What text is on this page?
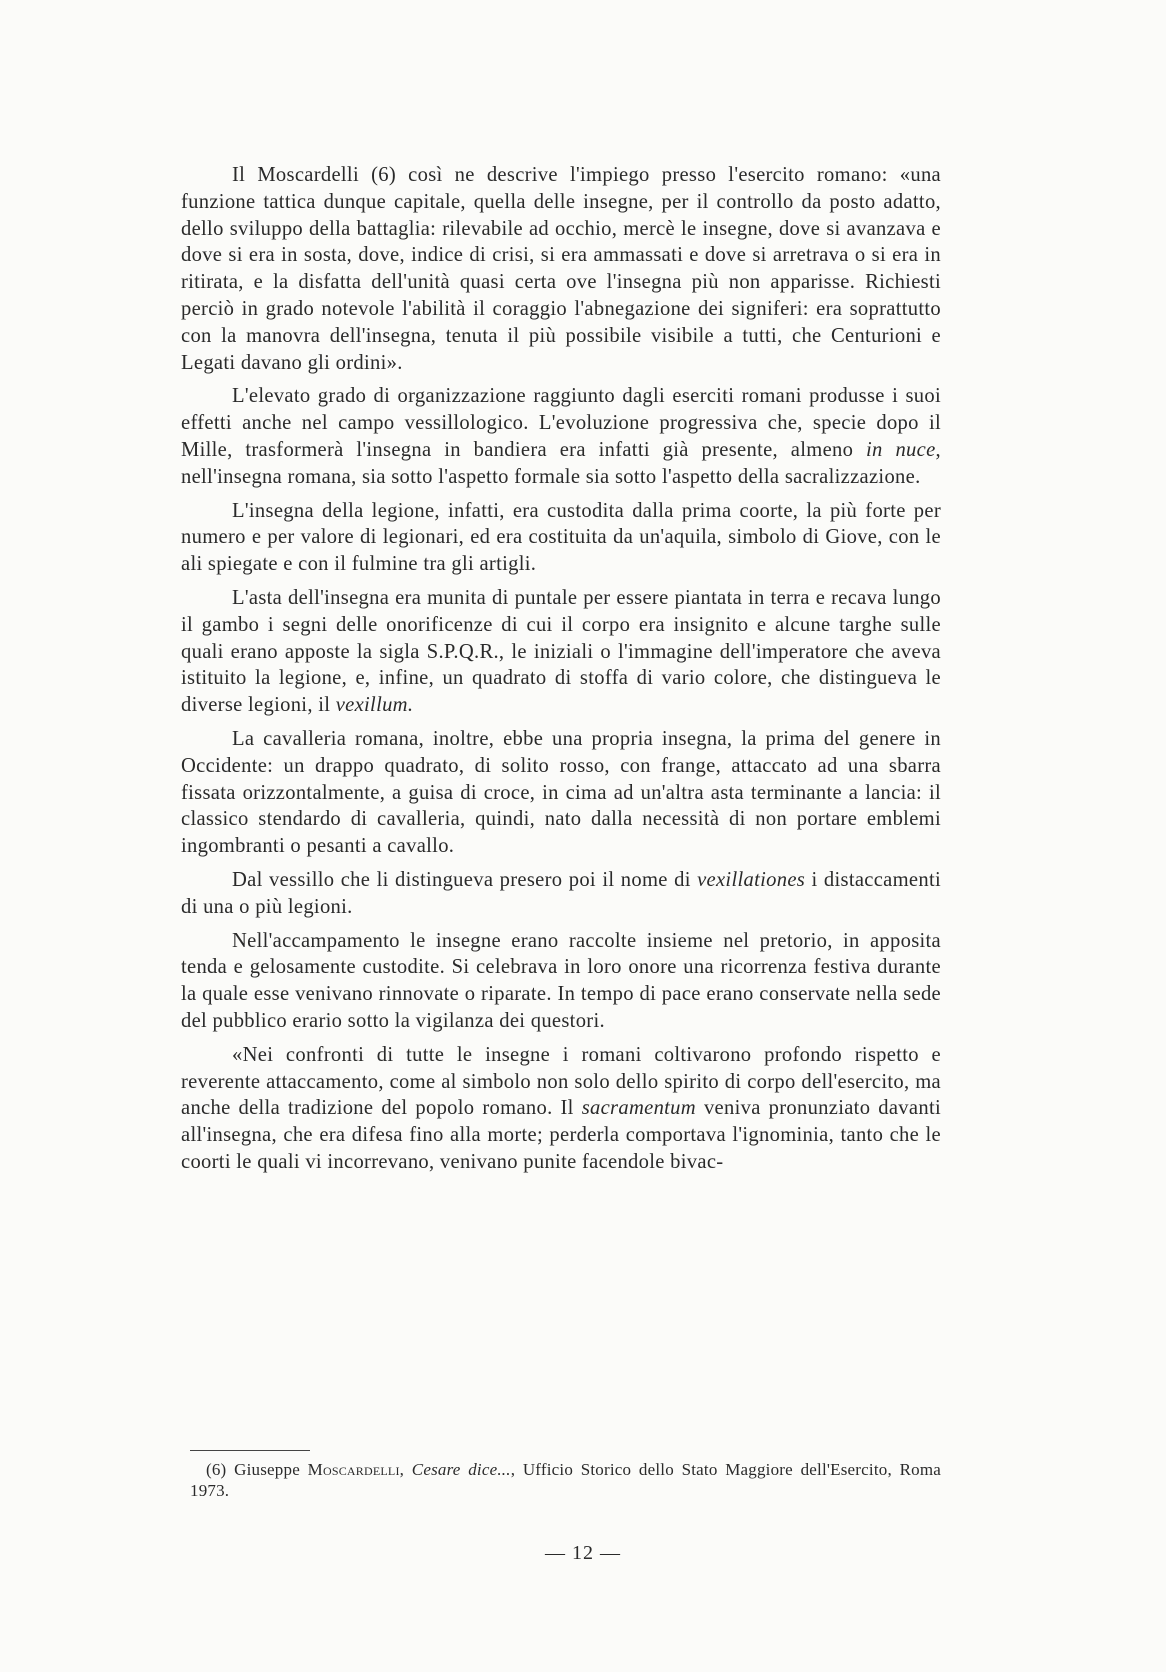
Il Moscardelli (6) così ne descrive l'impiego presso l'esercito romano: «una funzione tattica dunque capitale, quella delle insegne, per il controllo da posto adatto, dello sviluppo della battaglia: rilevabile ad occhio, mercè le insegne, dove si avanzava e dove si era in sosta, dove, indice di crisi, si era ammassati e dove si arretrava o si era in ritirata, e la disfatta dell'unità quasi certa ove l'insegna più non apparisse. Richiesti perciò in grado notevole l'abilità il coraggio l'abnegazione dei signiferi: era soprattutto con la manovra dell'insegna, tenuta il più possibile visibile a tutti, che Centurioni e Legati davano gli ordini».

L'elevato grado di organizzazione raggiunto dagli eserciti romani produsse i suoi effetti anche nel campo vessillologico. L'evoluzione progressiva che, specie dopo il Mille, trasformerà l'insegna in bandiera era infatti già presente, almeno in nuce, nell'insegna romana, sia sotto l'aspetto formale sia sotto l'aspetto della sacralizzazione.

L'insegna della legione, infatti, era custodita dalla prima coorte, la più forte per numero e per valore di legionari, ed era costituita da un'aquila, simbolo di Giove, con le ali spiegate e con il fulmine tra gli artigli.

L'asta dell'insegna era munita di puntale per essere piantata in terra e recava lungo il gambo i segni delle onorificenze di cui il corpo era insignito e alcune targhe sulle quali erano apposte la sigla S.P.Q.R., le iniziali o l'immagine dell'imperatore che aveva istituito la legione, e, infine, un quadrato di stoffa di vario colore, che distingueva le diverse legioni, il vexillum.

La cavalleria romana, inoltre, ebbe una propria insegna, la prima del genere in Occidente: un drappo quadrato, di solito rosso, con frange, attaccato ad una sbarra fissata orizzontalmente, a guisa di croce, in cima ad un'altra asta terminante a lancia: il classico stendardo di cavalleria, quindi, nato dalla necessità di non portare emblemi ingombranti o pesanti a cavallo.

Dal vessillo che li distingueva presero poi il nome di vexillationes i distaccamenti di una o più legioni.

Nell'accampamento le insegne erano raccolte insieme nel pretorio, in apposita tenda e gelosamente custodite. Si celebrava in loro onore una ricorrenza festiva durante la quale esse venivano rinnovate o riparate. In tempo di pace erano conservate nella sede del pubblico erario sotto la vigilanza dei questori.

«Nei confronti di tutte le insegne i romani coltivarono profondo rispetto e reverente attaccamento, come al simbolo non solo dello spirito di corpo dell'esercito, ma anche della tradizione del popolo romano. Il sacramentum veniva pronunziato davanti all'insegna, che era difesa fino alla morte; perderla comportava l'ignominia, tanto che le coorti le quali vi incorrevano, venivano punite facendole bivac-

(6) Giuseppe Moscardelli, Cesare dice..., Ufficio Storico dello Stato Maggiore dell'Esercito, Roma 1973.
— 12 —
